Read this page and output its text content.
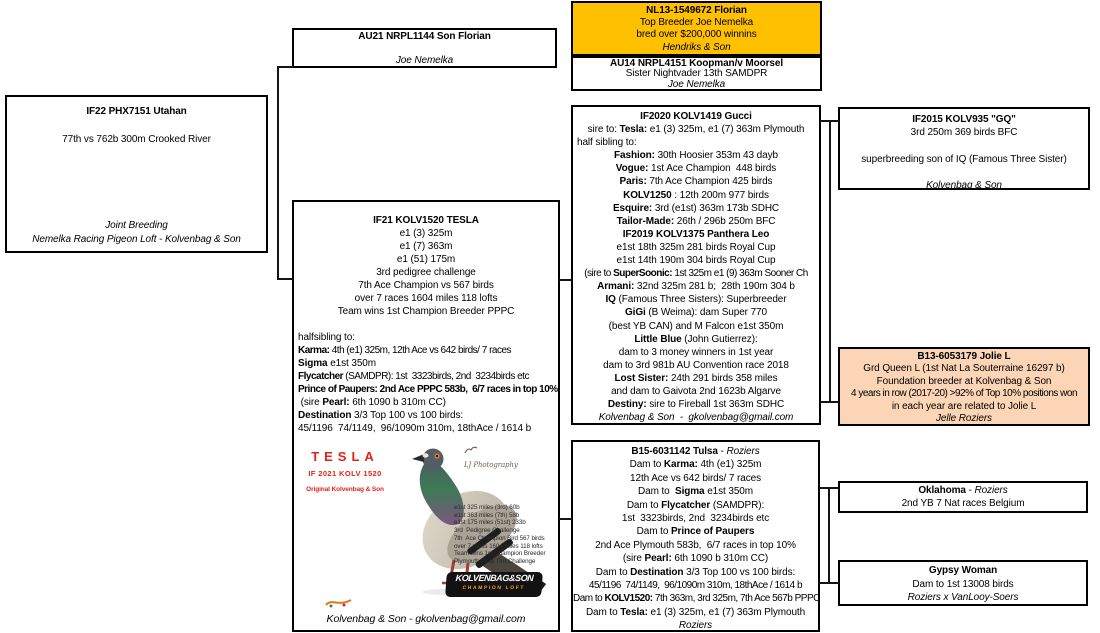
IF22 PHX7151 Utahan

77th vs 762b 300m Crooked River

Joint Breeding
Nemelka Racing Pigeon Loft - Kolvenbag & Son
AU21 NRPL1144 Son Florian

Joe Nemelka
NL13-1549672 Florian
Top Breeder Joe Nemelka
bred over $200,000 winnins
Hendriks & Son
AU14 NRPL4151 Koopman/v Moorsel
Sister Nightvader 13th SAMDPR
Joe Nemelka
IF2020 KOLV1419 Gucci
sire to: Tesla: e1 (3) 325m, e1 (7) 363m Plymouth
half sibling to:
Fashion: 30th Hoosier 353m 43 dayb
Vogue: 1st Ace Champion  448 birds
Paris: 7th Ace Champion 425 birds
KOLV1250 : 12th 200m 977 birds
Esquire: 3rd (e1st) 363m 173b SDHC
Tailor-Made: 26th / 296b 250m BFC
IF2019 KOLV1375 Panthera Leo
e1st 18th 325m 281 birds Royal Cup
e1st 14th 190m 304 birds Royal Cup
(sire to SuperSoonic: 1st 325m e1 (9) 363m Sooner Ch
Armani: 32nd 325m 281 b;  28th 190m 304 b
IQ (Famous Three Sisters): Superbreeder
GiGi (B Weima): dam Super 770
(best YB CAN) and M Falcon e1st 350m
Little Blue (John Gutierrez):
dam to 3 money winners in 1st year
dam to 3rd 981b AU Convention race 2018
Lost Sister: 24th 291 birds 358 miles
and dam to Gaivota 2nd 1623b Algarve
Destiny: sire to Fireball 1st 363m SDHC
Kolvenbag & Son  -  gkolvenbag@gmail.com
IF2015 KOLV935 "GQ"
3rd 250m 369 birds BFC

superbreeding son of IQ (Famous Three Sister)

Kolvenbag & Son
B13-6053179 Jolie L
Grd Queen L (1st Nat La Souterraine 16297 b)
Foundation breeder at Kolvenbag & Son
4 years in row (2017-20) >92% of Top 10% positions won
in each year are related to Jolie L
Jelle Roziers
B15-6031142 Tulsa - Roziers
Dam to Karma: 4th (e1) 325m
12th Ace vs 642 birds/ 7 races
Dam to  Sigma e1st 350m
Dam to Flycatcher (SAMDPR):
1st  3323birds, 2nd  3234birds etc
Dam to Prince of Paupers
2nd Ace Plymouth 583b,  6/7 races in top 10%
(sire Pearl: 6th 1090 b 310m CC)
Dam to Destination 3/3 Top 100 vs 100 birds:
45/1196  74/1149,  96/1090m 310m, 18thAce / 1614 b
Dam to KOLV1520: 7th 363m, 3rd 325m, 7th Ace 567b PPPC
Dam to Tesla: e1 (3) 325m, e1 (7) 363m Plymouth
Roziers
Oklahoma - Roziers
2nd YB 7 Nat races Belgium
Gypsy Woman
Dam to 1st 13008 birds
Roziers x VanLooy-Soers
IF21 KOLV1520 TESLA
e1 (3) 325m
e1 (7) 363m
e1 (51) 175m
3rd pedigree challenge
7th Ace Champion vs 567 birds
over 7 races 1604 miles 118 lofts
Team wins 1st Champion Breeder PPPC

halfsibling to:
Karma: 4th (e1) 325m, 12th Ace vs 642 birds/ 7 races
Sigma e1st 350m
Flycatcher (SAMDPR): 1st  3323birds, 2nd  3234birds etc
Prince of Paupers: 2nd Ace PPPC 583b,  6/7 races in top 10%
(sire Pearl: 6th 1090 b 310m CC)
Destination 3/3 Top 100 vs 100 birds:
45/1196  74/1149,  96/1090m 310m, 18thAce / 1614 b
TESLA
IF 2021 KOLV 1520
Original Kolvenbag & Son
LJ Photography
e1st 325 miles (3rd) 60b
e1st 363 miles (7th) 58b
e1st 175 miles (51st) 233b
3rd  Pedigree Challenge
7th  Ace Champion Bird 567 birds
over 7 races 1604 miles 118 lofts
Team wins 1st Champion Breeder
Plymouth Peak Pro Challenge
KOLVENBAG&SON
CHAMPION LOFT
Kolvenbag & Son - gkolvenbag@gmail.com
